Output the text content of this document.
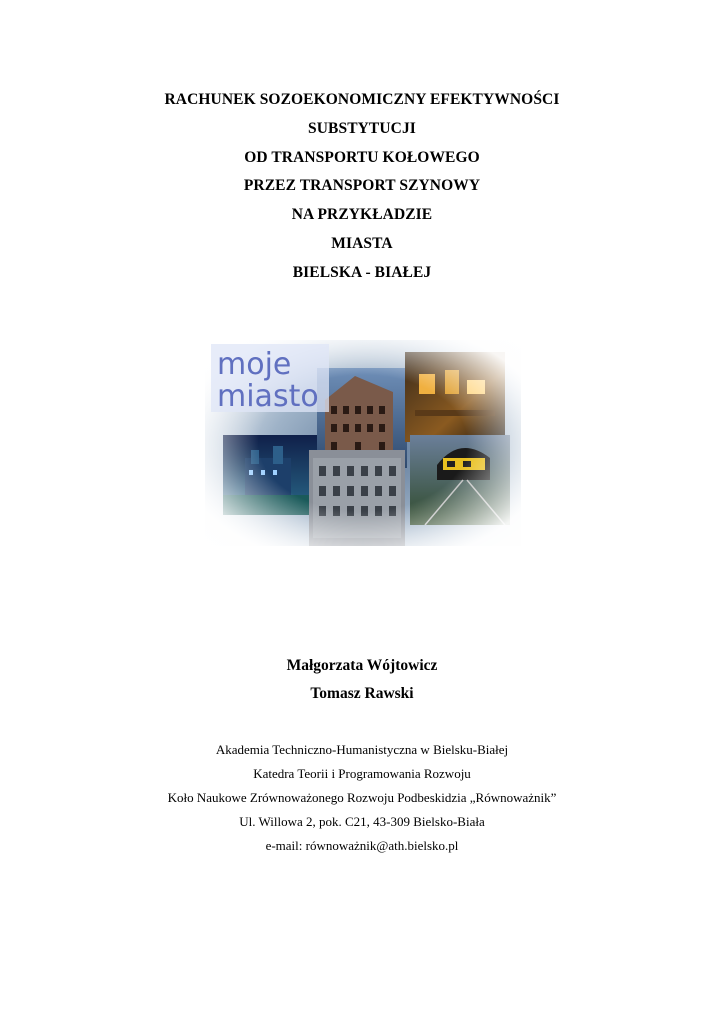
RACHUNEK SOZOEKONOMICZNY EFEKTYWNOŚCI
SUBSTYTUCJI
OD TRANSPORTU KOŁOWEGO
PRZEZ TRANSPORT SZYNOWY
NA PRZYKŁADZIE
MIASTA
BIELSKA - BIAŁEJ
moje
miasto
Małgorzata Wójtowicz
Tomasz Rawski
Akademia Techniczno-Humanistyczna w Bielsku-Białej
Katedra Teorii i Programowania Rozwoju
Koło Naukowe Zrównoważonego Rozwoju Podbeskidzia „Równoważnik”
Ul. Willowa 2, pok. C21, 43-309 Bielsko-Biała
e-mail: równoważnik@ath.bielsko.pl
